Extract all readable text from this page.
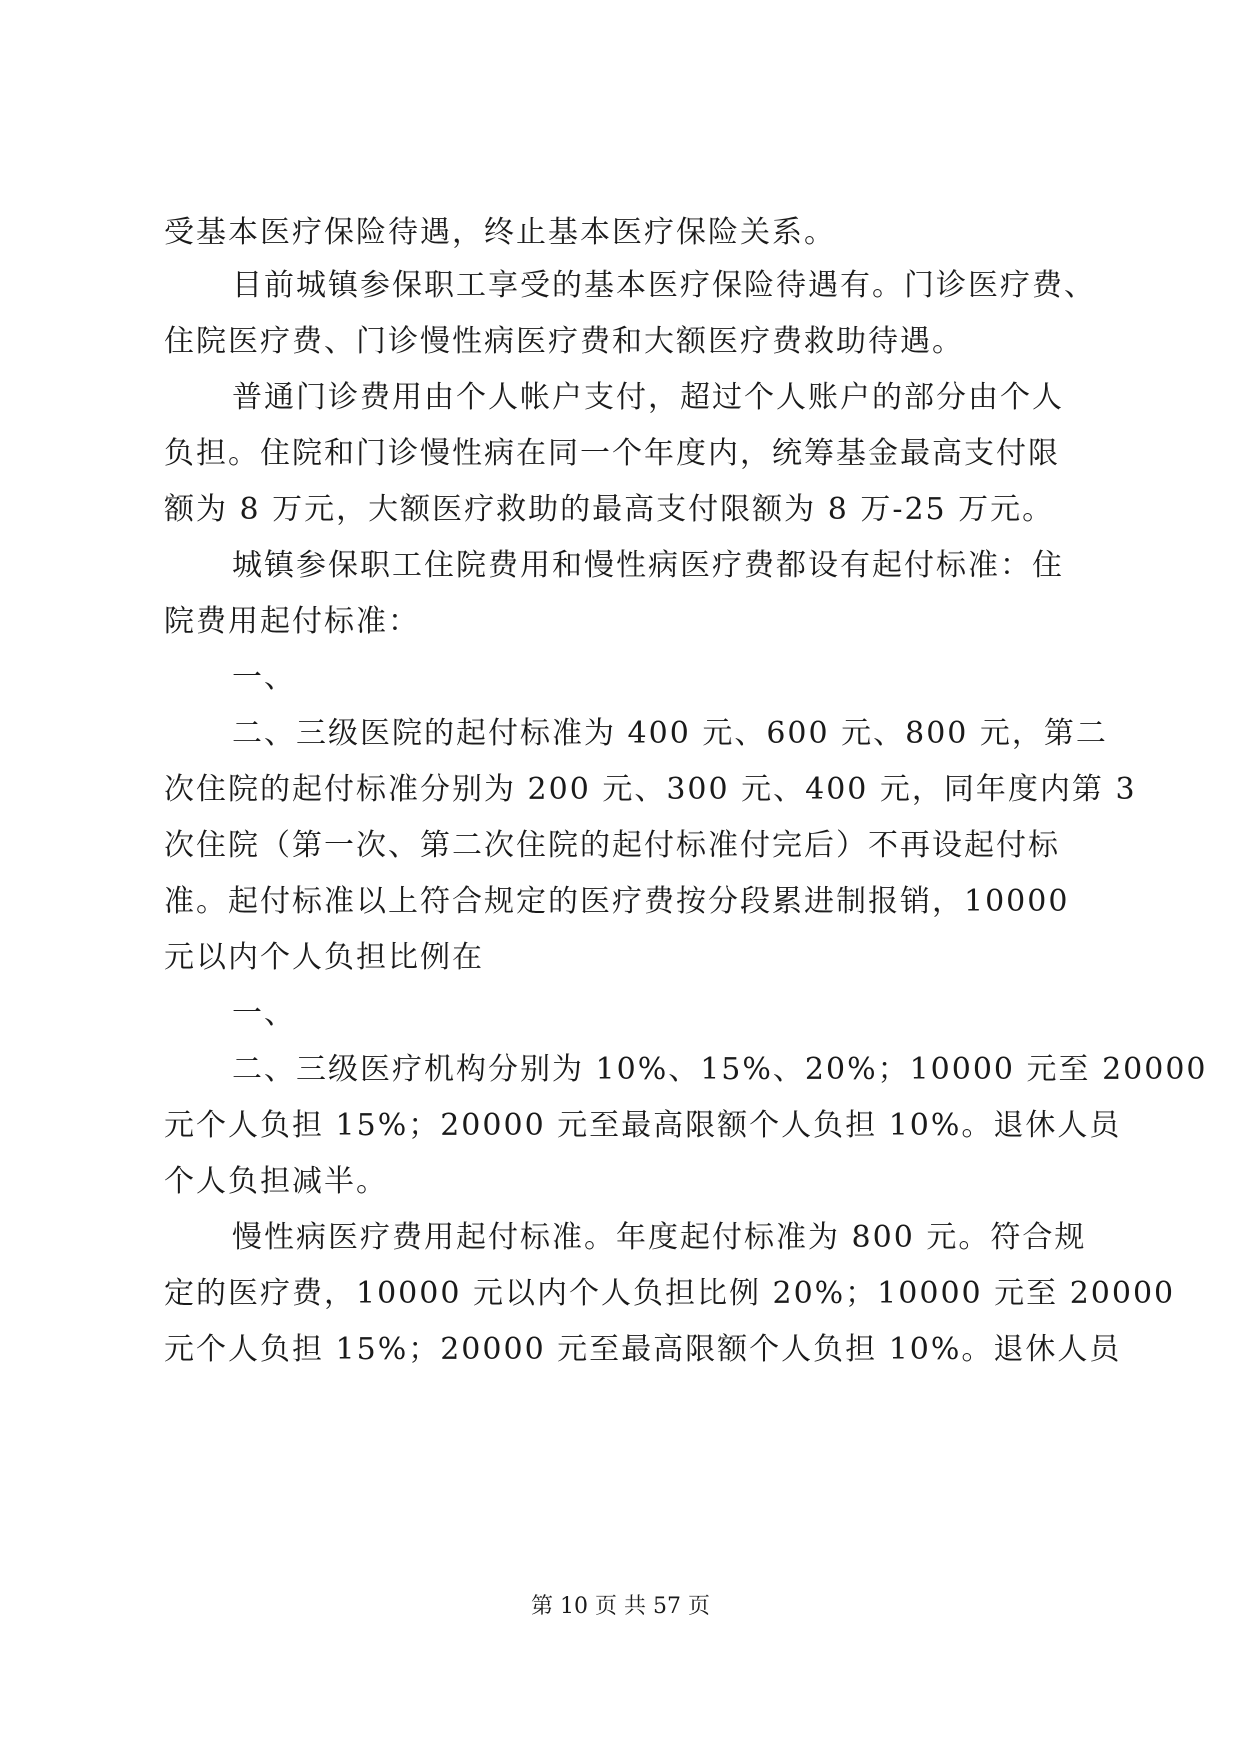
受基本医疗保险待遇，终止基本医疗保险关系。
目前城镇参保职工享受的基本医疗保险待遇有。门诊医疗费、
住院医疗费、门诊慢性病医疗费和大额医疗费救助待遇。
普通门诊费用由个人帐户支付，超过个人账户的部分由个人
负担。住院和门诊慢性病在同一个年度内，统筹基金最高支付限
额为 8 万元，大额医疗救助的最高支付限额为 8 万-25 万元。
城镇参保职工住院费用和慢性病医疗费都设有起付标准：住
院费用起付标准：
一、
二、三级医院的起付标准为 400 元、600 元、800 元，第二
次住院的起付标准分别为 200 元、300 元、400 元，同年度内第 3
次住院（第一次、第二次住院的起付标准付完后）不再设起付标
准。起付标准以上符合规定的医疗费按分段累进制报销，10000
元以内个人负担比例在
一、
二、三级医疗机构分别为 10%、15%、20%；10000 元至 20000
元个人负担 15%；20000 元至最高限额个人负担 10%。退休人员
个人负担减半。
慢性病医疗费用起付标准。年度起付标准为 800 元。符合规
定的医疗费，10000 元以内个人负担比例 20%；10000 元至 20000
元个人负担 15%；20000 元至最高限额个人负担 10%。退休人员
第 10 页 共 57 页
